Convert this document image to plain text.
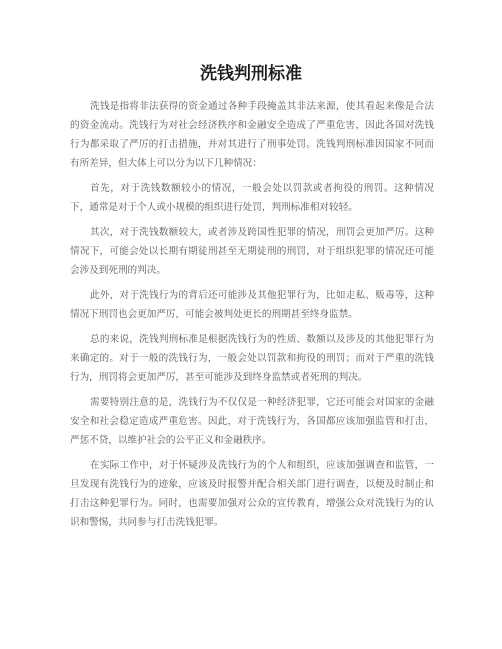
洗钱判刑标准

洗钱是指将非法获得的资金通过各种手段掩盖其非法来源，使其看起来像是合法的资金流动。洗钱行为对社会经济秩序和金融安全造成了严重危害，因此各国对洗钱行为都采取了严厉的打击措施，并对其进行了刑事处罚。洗钱判刑标准因国家不同而有所差异，但大体上可以分为以下几种情况：

首先，对于洗钱数额较小的情况，一般会处以罚款或者拘役的刑罚。这种情况下，通常是对于个人或小规模的组织进行处罚，判刑标准相对较轻。

其次，对于洗钱数额较大，或者涉及跨国性犯罪的情况，刑罚会更加严厉。这种情况下，可能会处以长期有期徒刑甚至无期徒刑的刑罚，对于组织犯罪的情况还可能会涉及到死刑的判决。

此外，对于洗钱行为的背后还可能涉及其他犯罪行为，比如走私、贩毒等，这种情况下刑罚也会更加严厉，可能会被判处更长的刑期甚至终身监禁。

总的来说，洗钱判刑标准是根据洗钱行为的性质、数额以及涉及的其他犯罪行为来确定的。对于一般的洗钱行为，一般会处以罚款和拘役的刑罚；而对于严重的洗钱行为，刑罚将会更加严厉，甚至可能涉及到终身监禁或者死刑的判决。

需要特别注意的是，洗钱行为不仅仅是一种经济犯罪，它还可能会对国家的金融安全和社会稳定造成严重危害。因此，对于洗钱行为，各国都应该加强监管和打击，严惩不贷，以维护社会的公平正义和金融秩序。

在实际工作中，对于怀疑涉及洗钱行为的个人和组织，应该加强调查和监管，一旦发现有洗钱行为的迹象，应该及时报警并配合相关部门进行调查，以便及时制止和打击这种犯罪行为。同时，也需要加强对公众的宣传教育，增强公众对洗钱行为的认识和警惕，共同参与打击洗钱犯罪。
